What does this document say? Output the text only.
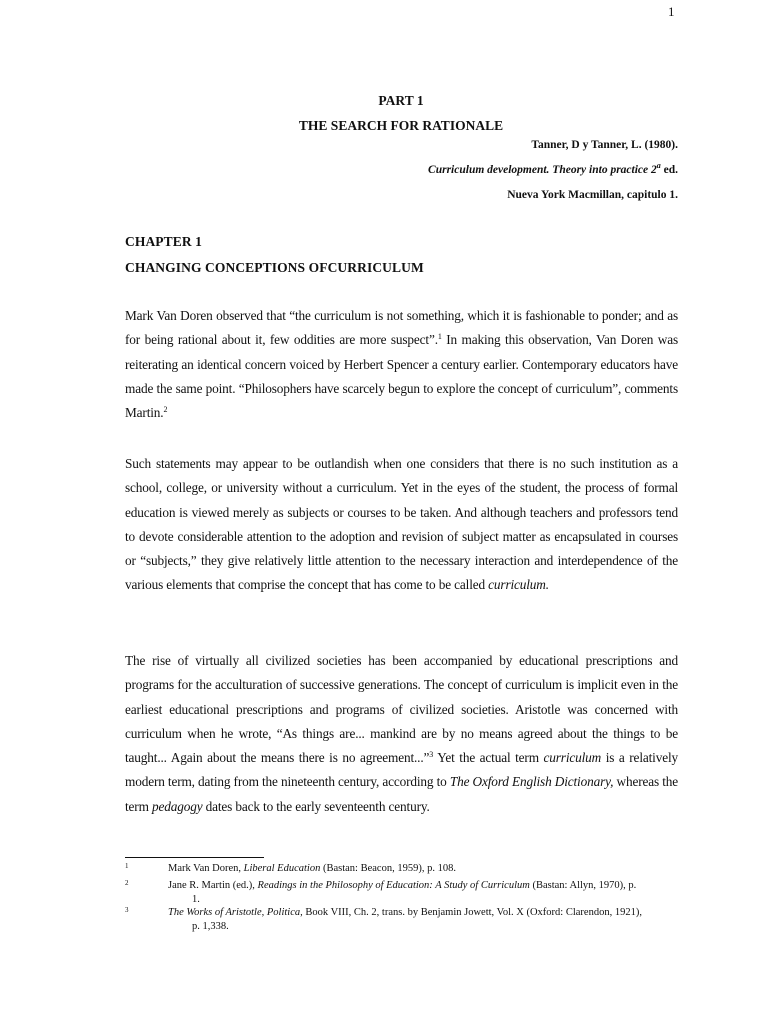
1
PART 1
THE SEARCH FOR RATIONALE
Tanner, D y Tanner, L. (1980).
Curriculum development. Theory into practice 2$^a$ ed.
Nueva York Macmillan, capitulo 1.
CHAPTER 1
CHANGING CONCEPTIONS OFCURRICULUM

Mark Van Doren observed that “the curriculum is not something, which it is fashionable to ponder; and as for being rational about it, few oddities are more suspect”.$^1$ In making this observation, Van Doren was reiterating an identical concern voiced by Herbert Spencer a century earlier. Contemporary educators have made the same point. “Philosophers have scarcely begun to explore the concept of curriculum”, comments Martin.$^2$

Such statements may appear to be outlandish when one considers that there is no such institution as a school, college, or university without a curriculum. Yet in the eyes of the student, the process of formal education is viewed merely as subjects or courses to be taken. And although teachers and professors tend to devote considerable attention to the adoption and revision of subject matter as encapsulated in courses or “subjects,” they give relatively little attention to the necessary interaction and interdependence of the various elements that comprise the concept that has come to be called curriculum.

The rise of virtually all civilized societies has been accompanied by educational prescriptions and programs for the acculturation of successive generations. The concept of curriculum is implicit even in the earliest educational prescriptions and programs of civilized societies. Aristotle was concerned with curriculum when he wrote, “As things are... mankind are by no means agreed about the things to be taught... Again about the means there is no agreement...”$^3$ Yet the actual term curriculum is a relatively modern term, dating from the nineteenth century, according to The Oxford English Dictionary, whereas the term pedagogy dates back to the early seventeenth century.

1	Mark Van Doren, Liberal Education (Bastan: Beacon, 1959), p. 108.
2	Jane R. Martin (ed.), Readings in the Philosophy of Education: A Study of Curriculum (Bastan: Allyn, 1970), p.
1.
3	The Works of Aristotle, Politica, Book VIII, Ch. 2, trans. by Benjamin Jowett, Vol. X (Oxford: Clarendon, 1921),
p. 1,338.
